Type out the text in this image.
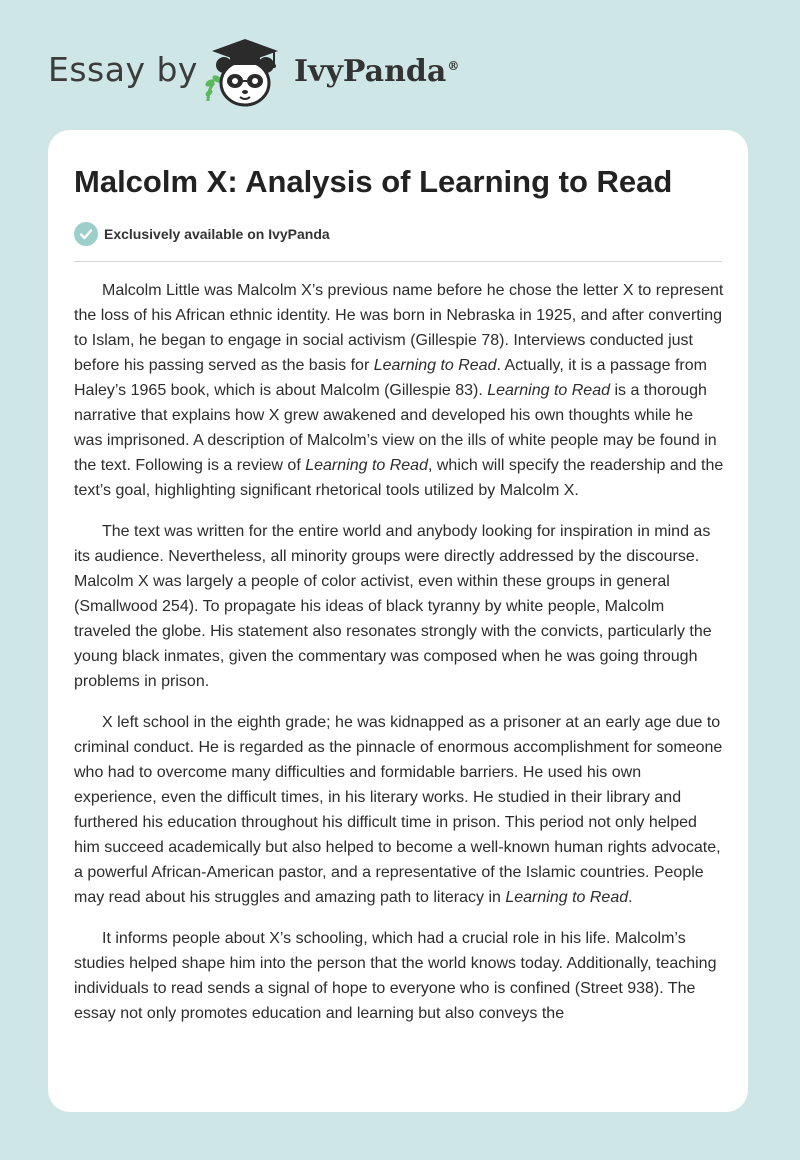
Essay by	IvyPanda®
Malcolm X: Analysis of Learning to Read
Exclusively available on IvyPanda

Malcolm Little was Malcolm X’s previous name before he chose the letter X to represent the loss of his African ethnic identity. He was born in Nebraska in 1925, and after converting to Islam, he began to engage in social activism (Gillespie 78). Interviews conducted just before his passing served as the basis for Learning to Read. Actually, it is a passage from Haley’s 1965 book, which is about Malcolm (Gillespie 83). Learning to Read is a thorough narrative that explains how X grew awakened and developed his own thoughts while he was imprisoned. A description of Malcolm’s view on the ills of white people may be found in the text. Following is a review of Learning to Read, which will specify the readership and the text’s goal, highlighting significant rhetorical tools utilized by Malcolm X.

The text was written for the entire world and anybody looking for inspiration in mind as its audience. Nevertheless, all minority groups were directly addressed by the discourse. Malcolm X was largely a people of color activist, even within these groups in general (Smallwood 254). To propagate his ideas of black tyranny by white people, Malcolm traveled the globe. His statement also resonates strongly with the convicts, particularly the young black inmates, given the commentary was composed when he was going through problems in prison.

X left school in the eighth grade; he was kidnapped as a prisoner at an early age due to criminal conduct. He is regarded as the pinnacle of enormous accomplishment for someone who had to overcome many difficulties and formidable barriers. He used his own experience, even the difficult times, in his literary works. He studied in their library and furthered his education throughout his difficult time in prison. This period not only helped him succeed academically but also helped to become a well-known human rights advocate, a powerful African-American pastor, and a representative of the Islamic countries. People may read about his struggles and amazing path to literacy in Learning to Read.

It informs people about X’s schooling, which had a crucial role in his life. Malcolm’s studies helped shape him into the person that the world knows today. Additionally, teaching individuals to read sends a signal of hope to everyone who is confined (Street 938). The essay not only promotes education and learning but also conveys the
